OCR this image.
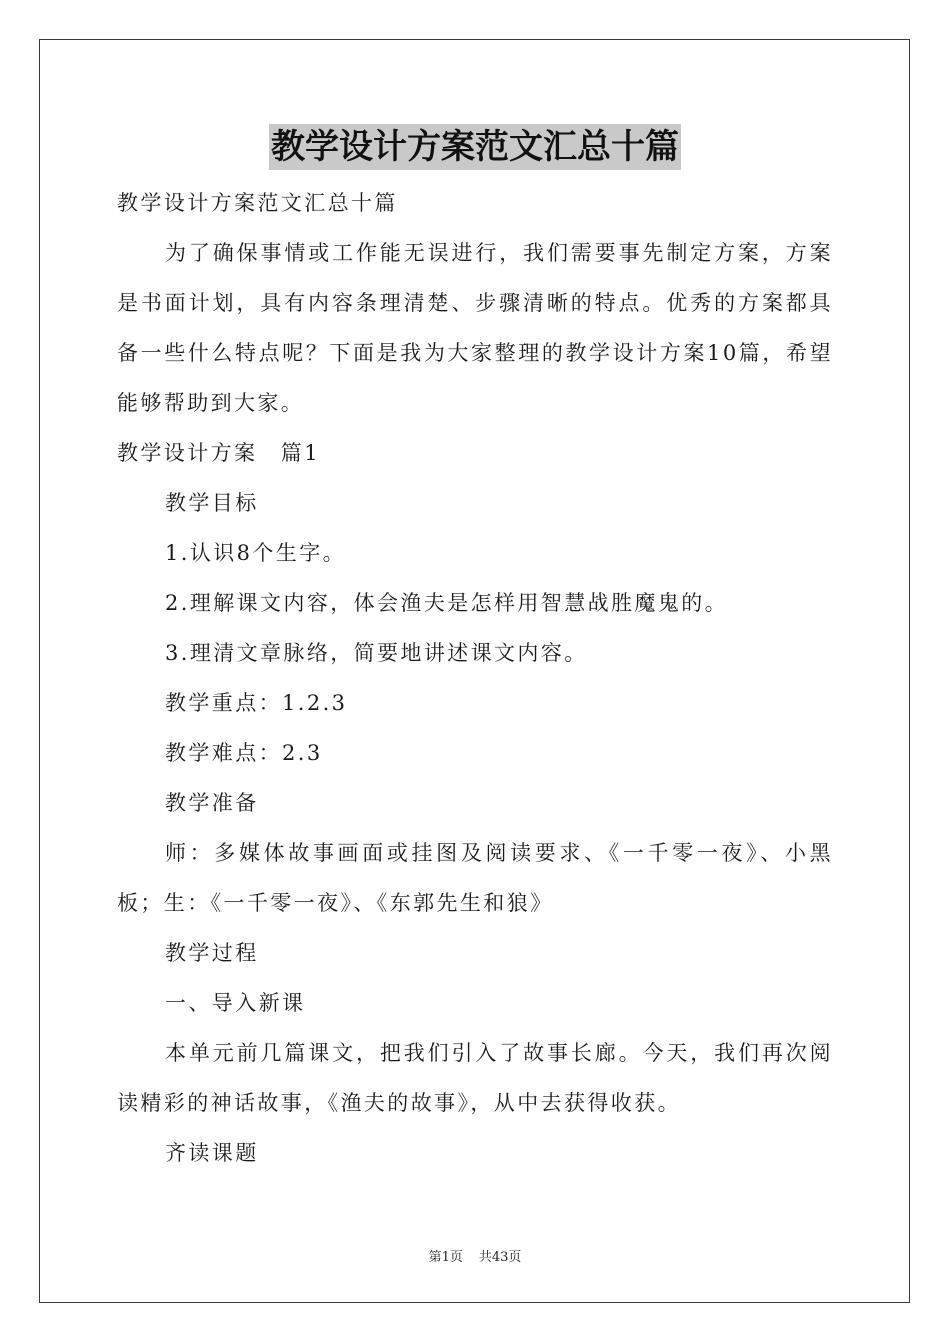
教学设计方案范文汇总十篇

教学设计方案范文汇总十篇

为了确保事情或工作能无误进行，我们需要事先制定方案，方案是书面计划，具有内容条理清楚、步骤清晰的特点。优秀的方案都具备一些什么特点呢？下面是我为大家整理的教学设计方案10篇，希望能够帮助到大家。

教学设计方案　篇1

教学目标

1.认识8个生字。

2.理解课文内容，体会渔夫是怎样用智慧战胜魔鬼的。

3.理清文章脉络，简要地讲述课文内容。

教学重点：1.2.3

教学难点：2.3

教学准备

师：多媒体故事画面或挂图及阅读要求、《一千零一夜》、小黑板；生：《一千零一夜》、《东郭先生和狼》

教学过程

一、导入新课

本单元前几篇课文，把我们引入了故事长廊。今天，我们再次阅读精彩的神话故事，《渔夫的故事》，从中去获得收获。

齐读课题

第1页 共43页
